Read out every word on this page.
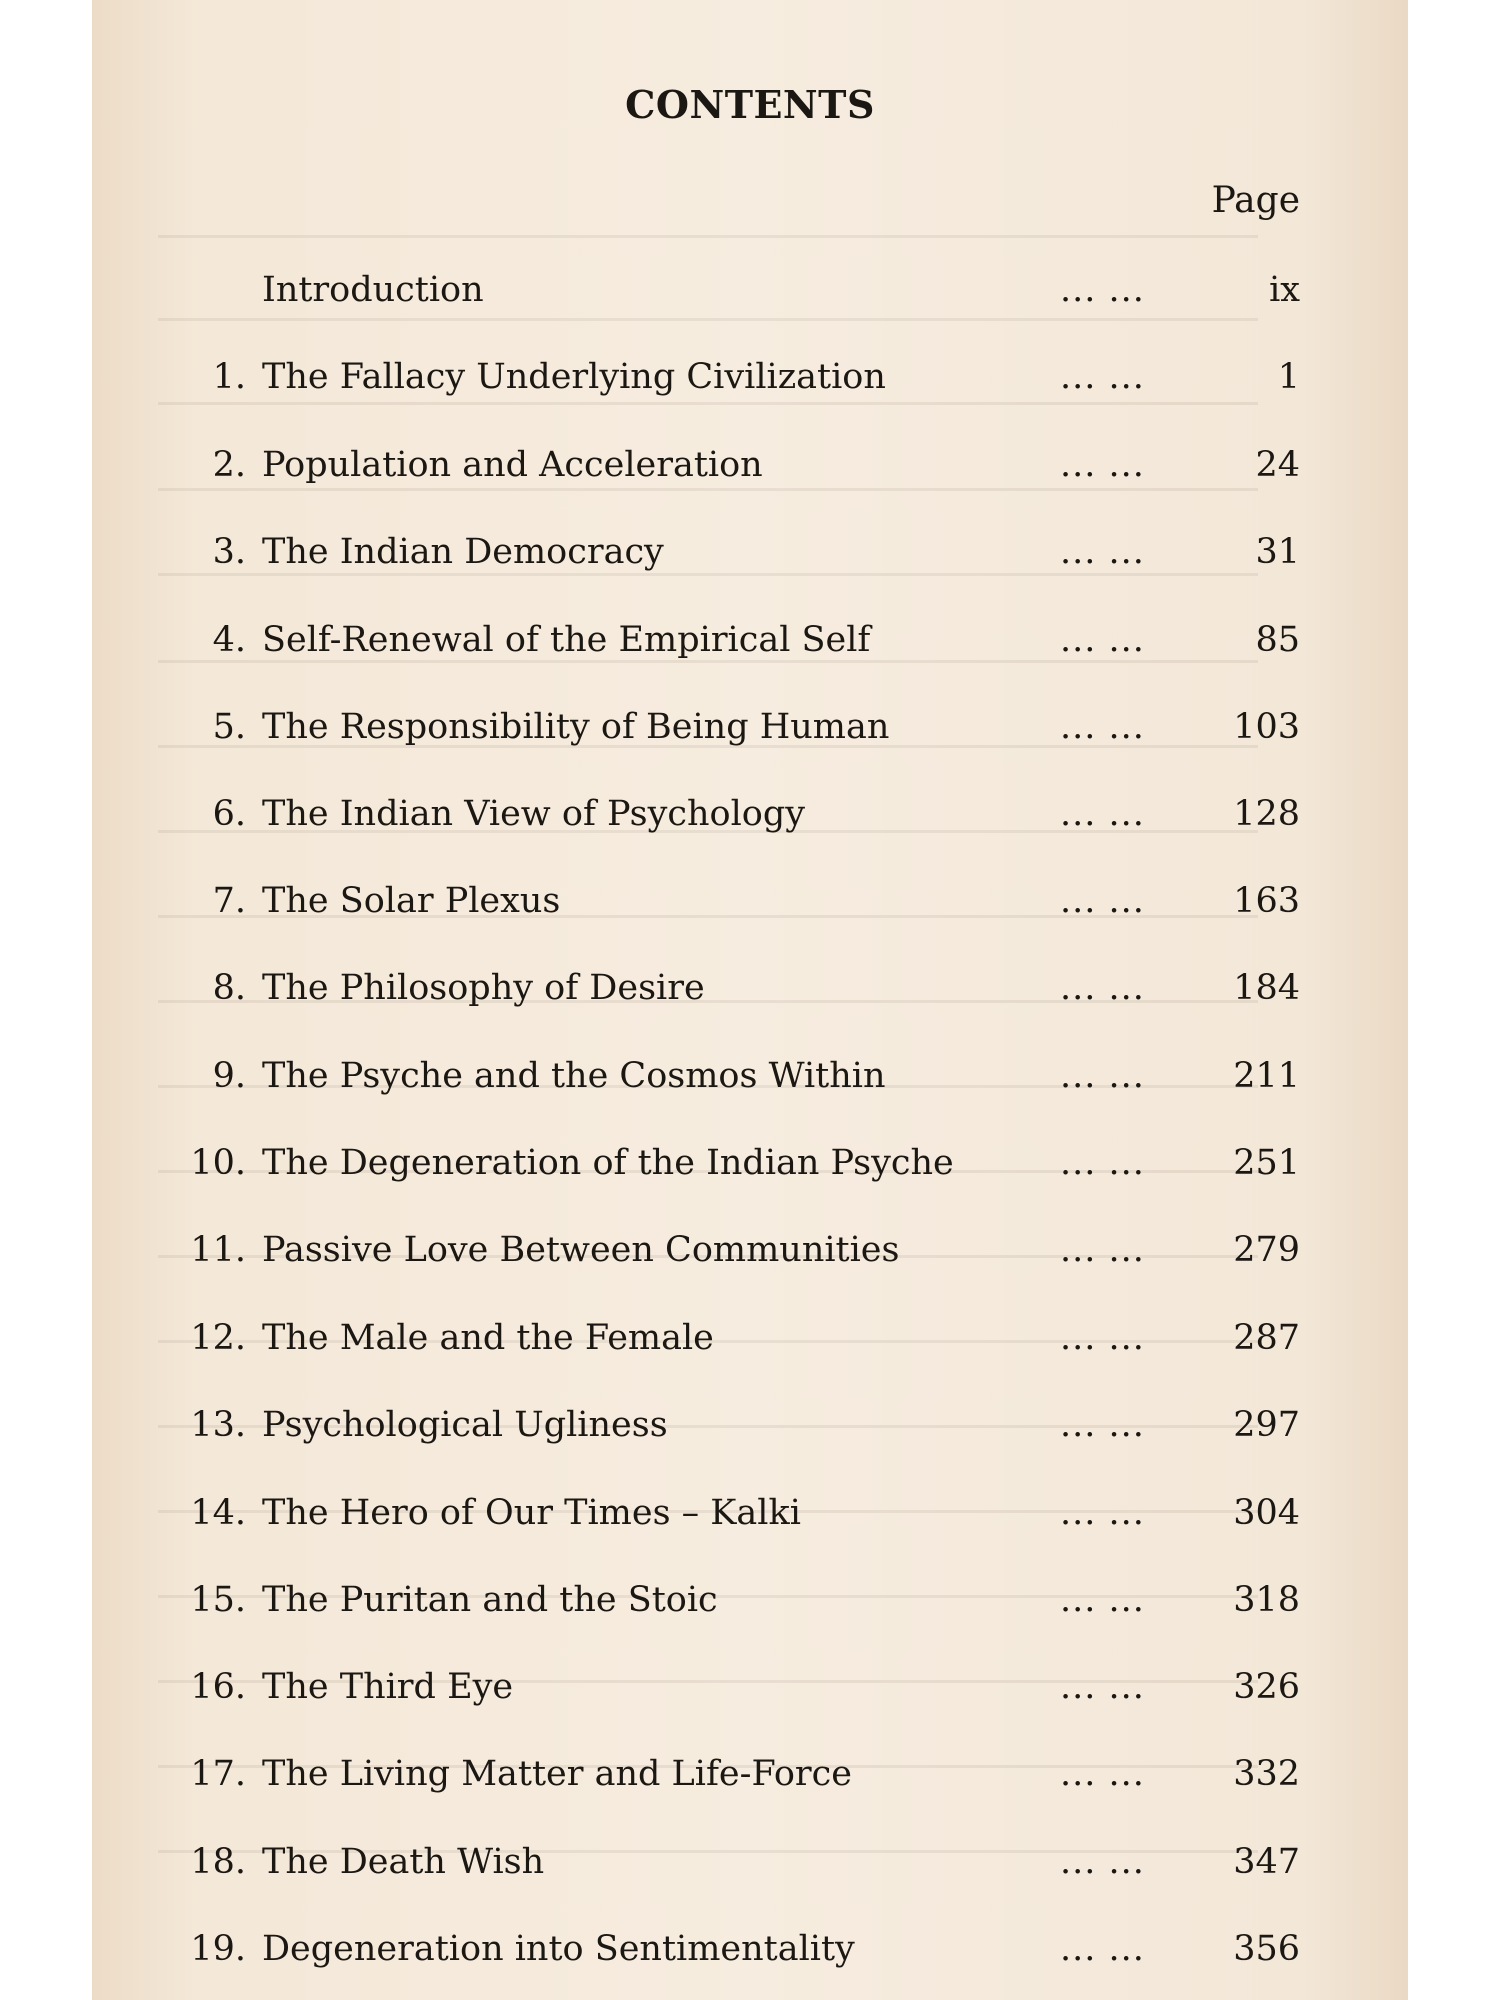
CONTENTS
Page
Introduction	... ...	ix
1. The Fallacy Underlying Civilization	... ...	1
2. Population and Acceleration	... ...	24
3. The Indian Democracy	... ...	31
4. Self-Renewal of the Empirical Self	... ...	85
5. The Responsibility of Being Human	... ...	103
6. The Indian View of Psychology	... ...	128
7. The Solar Plexus	... ...	163
8. The Philosophy of Desire	... ...	184
9. The Psyche and the Cosmos Within	... ...	211
10. The Degeneration of the Indian Psyche	... ...	251
11. Passive Love Between Communities	... ...	279
12. The Male and the Female	... ...	287
13. Psychological Ugliness	... ...	297
14. The Hero of Our Times – Kalki	... ...	304
15. The Puritan and the Stoic	... ...	318
16. The Third Eye	... ...	326
17. The Living Matter and Life-Force	... ...	332
18. The Death Wish	... ...	347
19. Degeneration into Sentimentality	... ...	356
